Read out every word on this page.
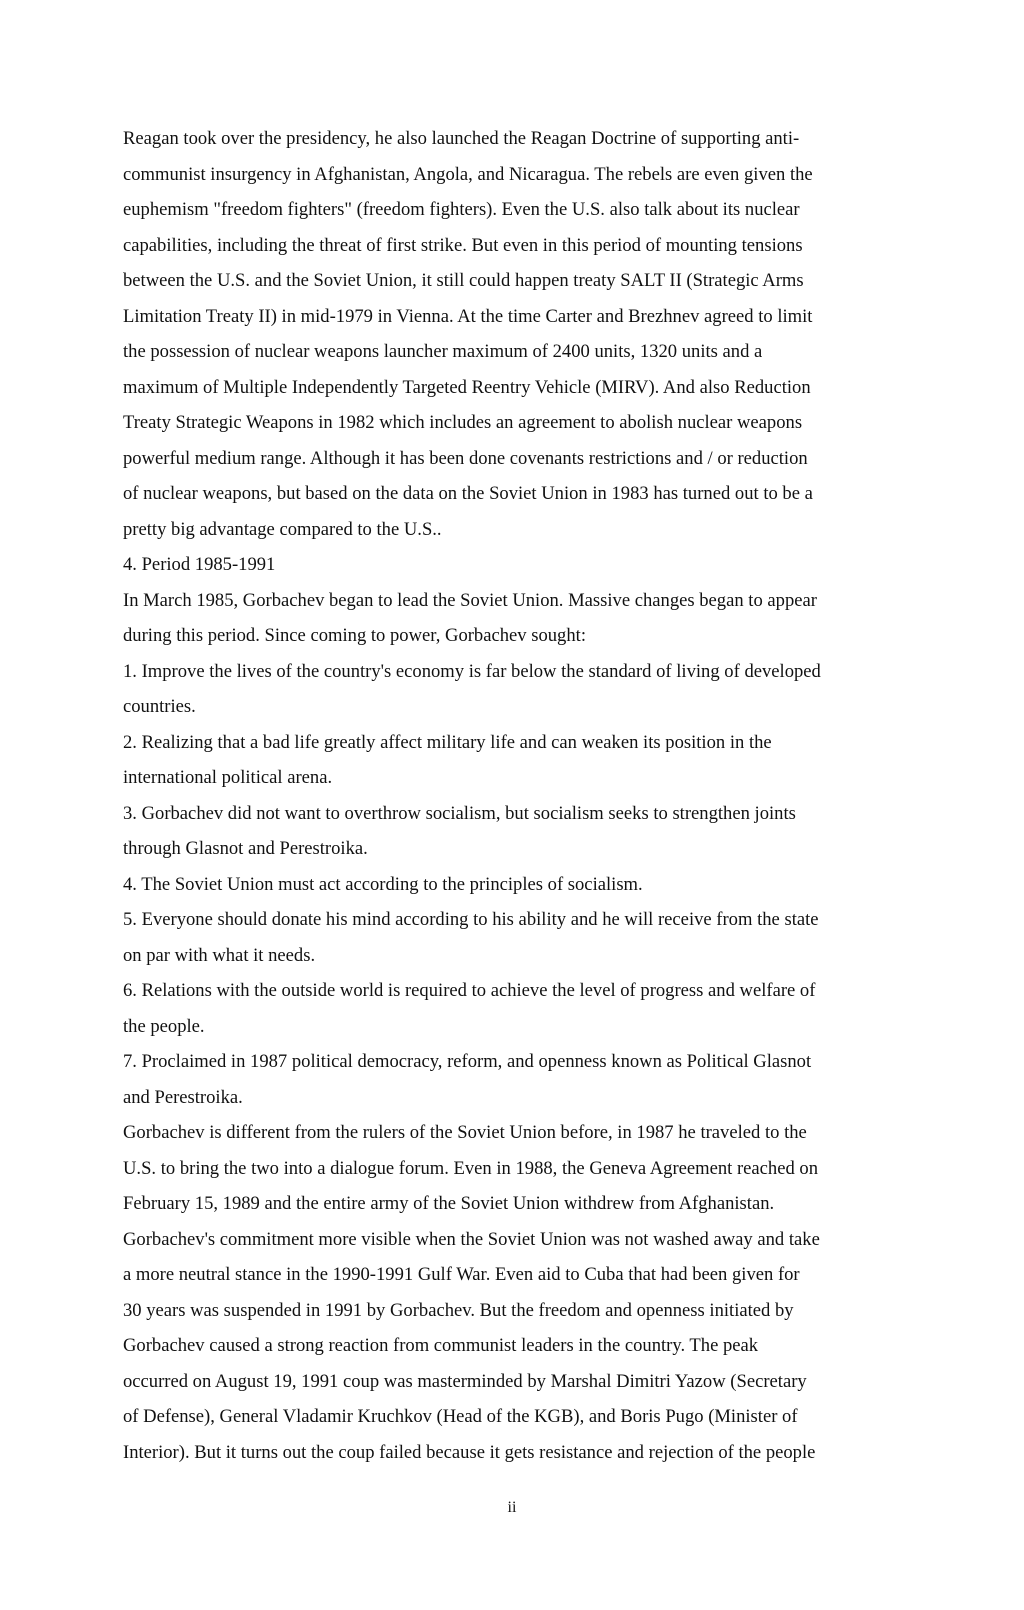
Reagan took over the presidency, he also launched the Reagan Doctrine of supporting anti-
communist insurgency in Afghanistan, Angola, and Nicaragua. The rebels are even given the
euphemism "freedom fighters" (freedom fighters). Even the U.S. also talk about its nuclear
capabilities, including the threat of first strike. But even in this period of mounting tensions
between the U.S. and the Soviet Union, it still could happen treaty SALT II (Strategic Arms
Limitation Treaty II) in mid-1979 in Vienna. At the time Carter and Brezhnev agreed to limit
the possession of nuclear weapons launcher maximum of 2400 units, 1320 units and a
maximum of Multiple Independently Targeted Reentry Vehicle (MIRV). And also Reduction
Treaty Strategic Weapons in 1982 which includes an agreement to abolish nuclear weapons
powerful medium range. Although it has been done covenants restrictions and / or reduction
of nuclear weapons, but based on the data on the Soviet Union in 1983 has turned out to be a
pretty big advantage compared to the U.S..
4. Period 1985-1991
In March 1985, Gorbachev began to lead the Soviet Union. Massive changes began to appear
during this period. Since coming to power, Gorbachev sought:
1. Improve the lives of the country's economy is far below the standard of living of developed
countries.
2. Realizing that a bad life greatly affect military life and can weaken its position in the
international political arena.
3. Gorbachev did not want to overthrow socialism, but socialism seeks to strengthen joints
through Glasnot and Perestroika.
4. The Soviet Union must act according to the principles of socialism.
5. Everyone should donate his mind according to his ability and he will receive from the state
on par with what it needs.
6. Relations with the outside world is required to achieve the level of progress and welfare of
the people.
7. Proclaimed in 1987 political democracy, reform, and openness known as Political Glasnot
and Perestroika.
Gorbachev is different from the rulers of the Soviet Union before, in 1987 he traveled to the
U.S. to bring the two into a dialogue forum. Even in 1988, the Geneva Agreement reached on
February 15, 1989 and the entire army of the Soviet Union withdrew from Afghanistan.
Gorbachev's commitment more visible when the Soviet Union was not washed away and take
a more neutral stance in the 1990-1991 Gulf War. Even aid to Cuba that had been given for
30 years was suspended in 1991 by Gorbachev. But the freedom and openness initiated by
Gorbachev caused a strong reaction from communist leaders in the country. The peak
occurred on August 19, 1991 coup was masterminded by Marshal Dimitri Yazow (Secretary
of Defense), General Vladamir Kruchkov (Head of the KGB), and Boris Pugo (Minister of
Interior). But it turns out the coup failed because it gets resistance and rejection of the people
ii
